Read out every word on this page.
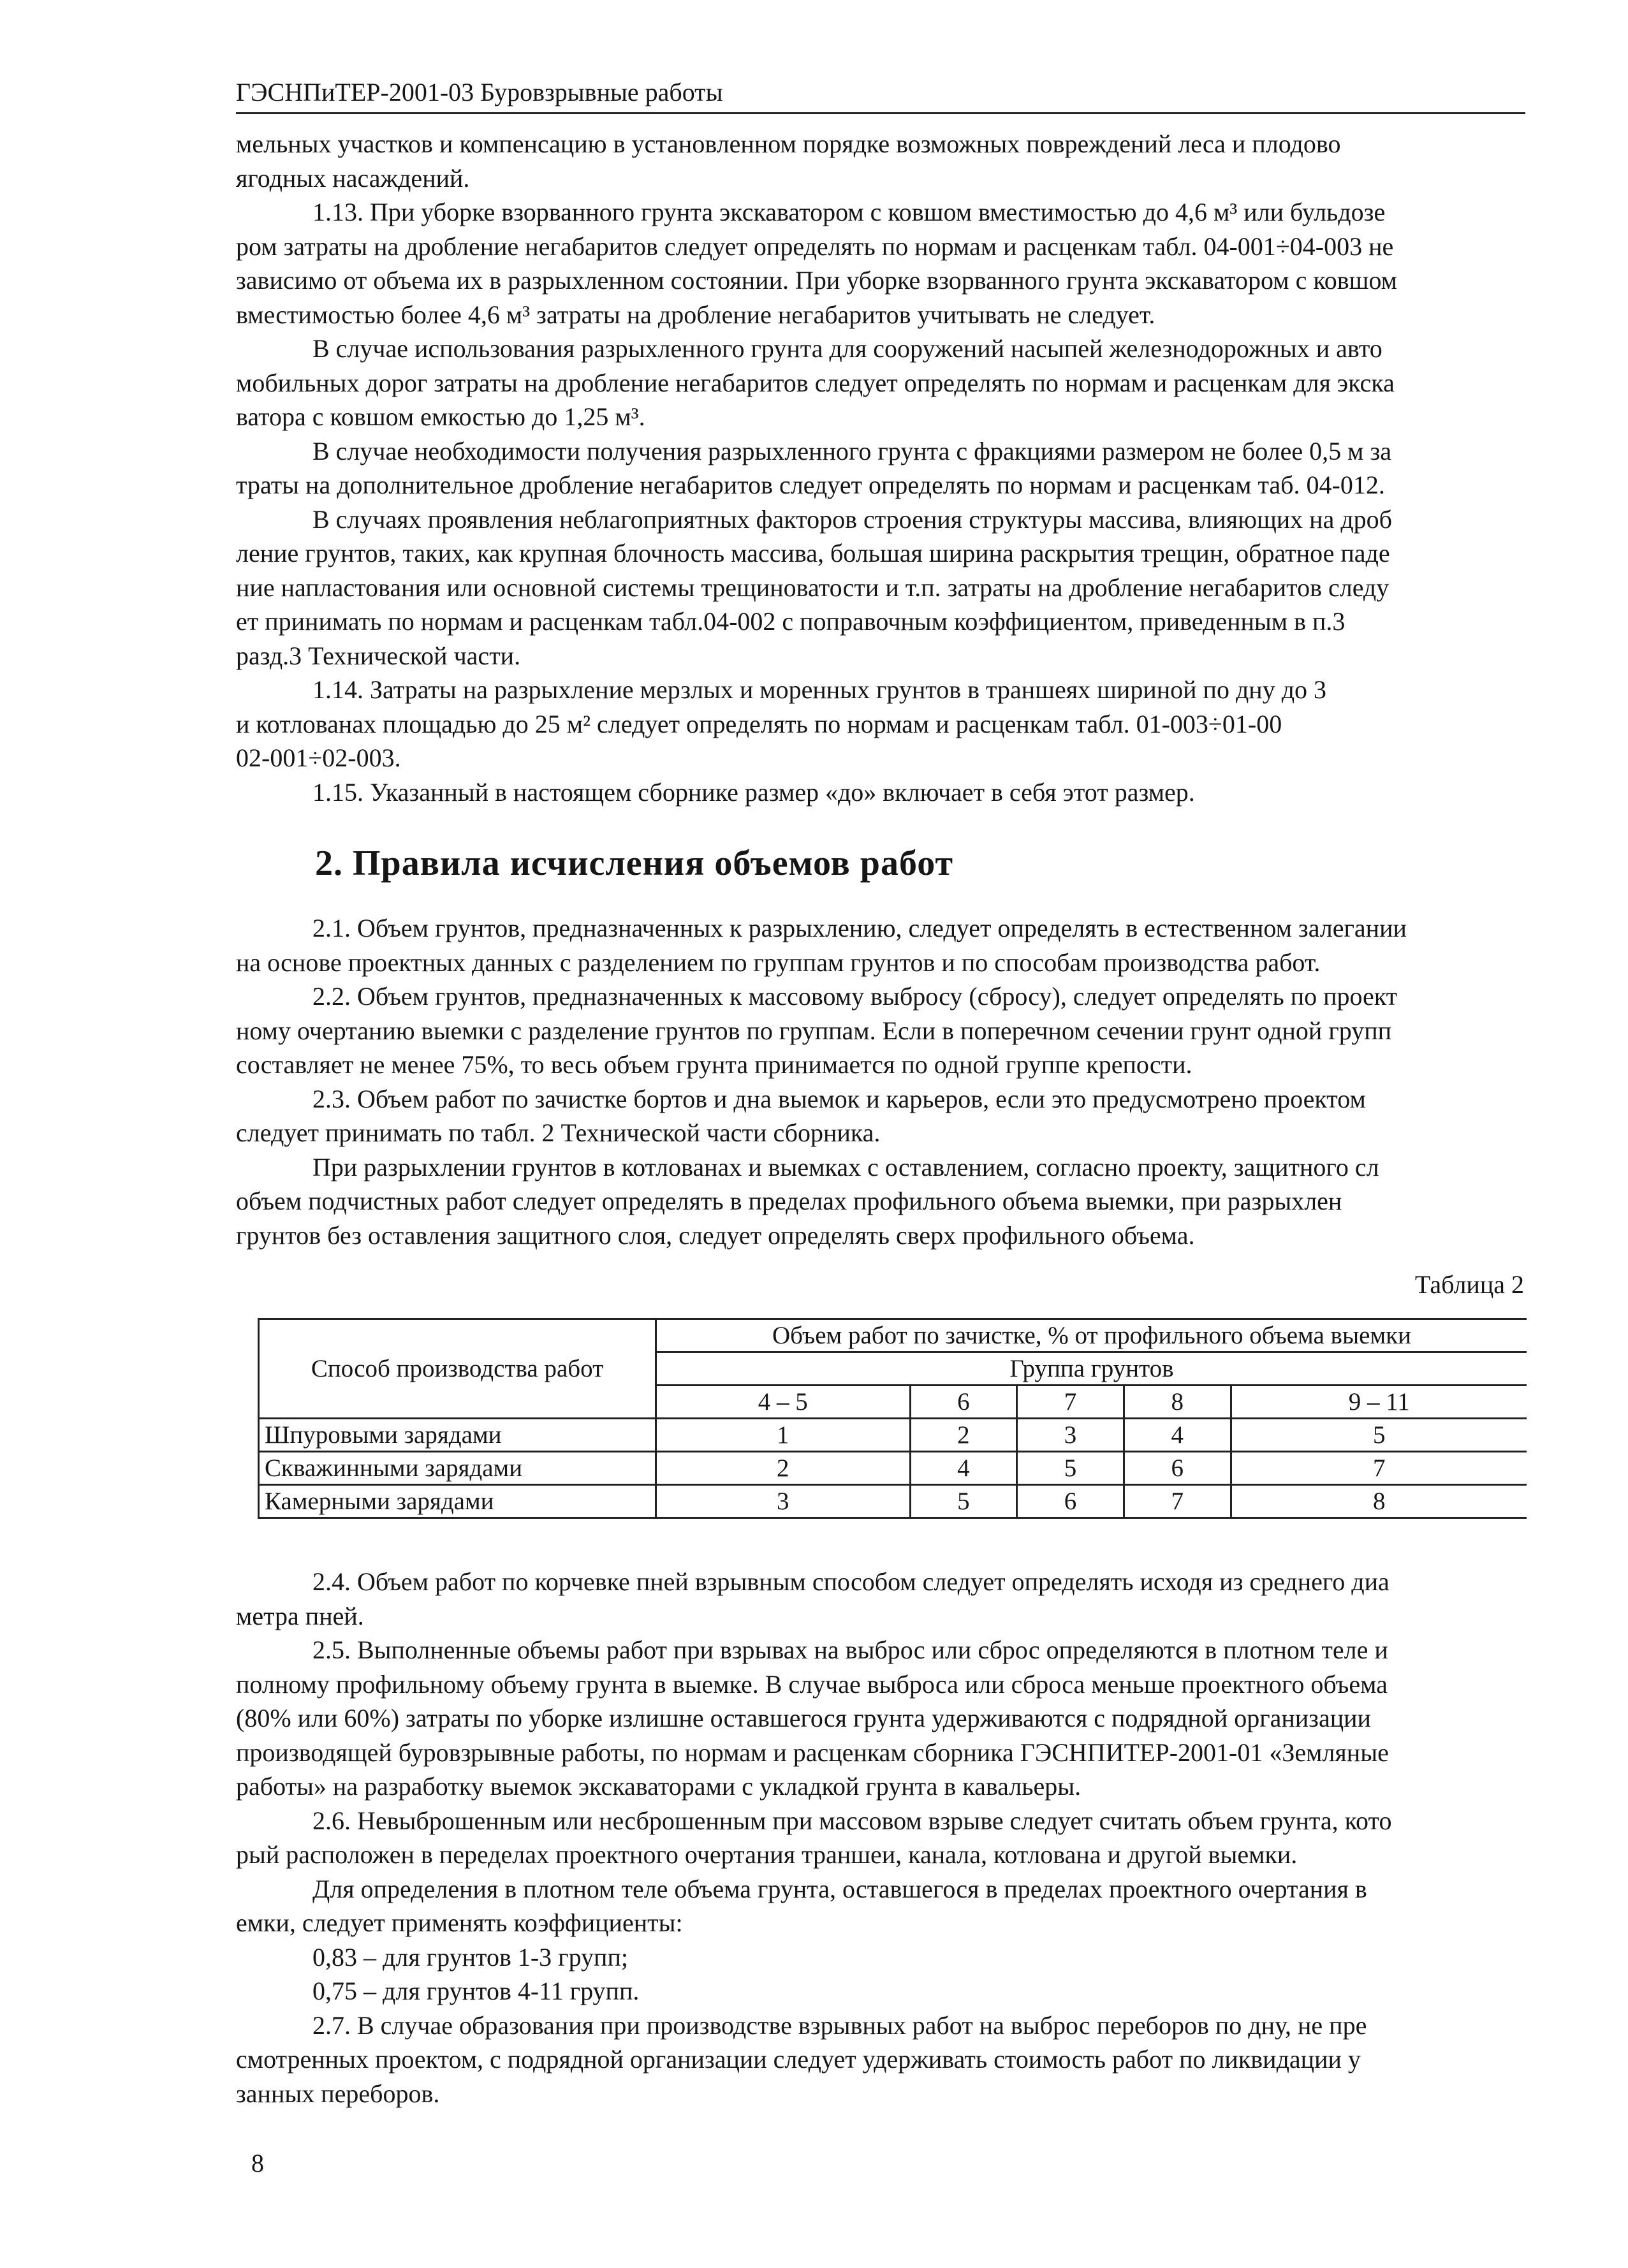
ГЭСНПиТЕР-2001-03 Буровзрывные работы

мельных участков и компенсацию в установленном порядке возможных повреждений леса и плодово

ягодных насаждений.

1.13. При уборке взорванного грунта экскаватором с ковшом вместимостью до 4,6 м³ или бульдозе

ром затраты на дробление негабаритов следует определять по нормам и расценкам табл. 04-001÷04-003 не

зависимо от объема их в разрыхленном состоянии. При уборке взорванного грунта экскаватором с ковшом

вместимостью более 4,6 м³ затраты на дробление негабаритов учитывать не следует.

В случае использования разрыхленного грунта для сооружений насыпей железнодорожных и авто

мобильных дорог затраты на дробление негабаритов следует определять по нормам и расценкам для экска

ватора с ковшом емкостью до 1,25 м³.

В случае необходимости получения разрыхленного грунта с фракциями размером не более 0,5 м за

траты на дополнительное дробление негабаритов следует определять по нормам и расценкам таб. 04-012.

В случаях проявления неблагоприятных факторов строения структуры массива, влияющих на дроб

ление грунтов, таких, как крупная блочность массива, большая ширина раскрытия трещин, обратное паде

ние напластования или основной системы трещиноватости и т.п. затраты на дробление негабаритов следу

ет принимать по нормам и расценкам табл.04-002 с поправочным коэффициентом, приведенным в п.3

разд.3 Технической части.

1.14. Затраты на разрыхление мерзлых и моренных грунтов в траншеях шириной по дну до 3

и котлованах площадью до 25 м² следует определять по нормам и расценкам табл. 01-003÷01-00

02-001÷02-003.

1.15. Указанный в настоящем сборнике размер «до» включает в себя этот размер.

2. Правила исчисления объемов работ

2.1. Объем грунтов, предназначенных к разрыхлению, следует определять в естественном залегании

на основе проектных данных с разделением по группам грунтов и по способам производства работ.

2.2. Объем грунтов, предназначенных к массовому выбросу (сбросу), следует определять по проект

ному очертанию выемки с разделение грунтов по группам. Если в поперечном сечении грунт одной групп

составляет не менее 75%, то весь объем грунта принимается по одной группе крепости.

2.3. Объем работ по зачистке бортов и дна выемок и карьеров, если это предусмотрено проектом

следует принимать по табл. 2 Технической части сборника.

При разрыхлении грунтов в котлованах и выемках с оставлением, согласно проекту, защитного сл

объем подчистных работ следует определять в пределах профильного объема выемки, при разрыхлен

грунтов без оставления защитного слоя, следует определять сверх профильного объема.

Таблица 2
Способ производства работ	Объем работ по зачистке, % от профильного объема выемки				
	Группа грунтов				
	4 – 5	6	7	8	9 – 11
Шпуровыми зарядами	1	2	3	4	5
Скважинными зарядами	2	4	5	6	7
Камерными зарядами	3	5	6	7	8

2.4. Объем работ по корчевке пней взрывным способом следует определять исходя из среднего диа

метра пней.

2.5. Выполненные объемы работ при взрывах на выброс или сброс определяются в плотном теле и

полному профильному объему грунта в выемке. В случае выброса или сброса меньше проектного объема

(80% или 60%) затраты по уборке излишне оставшегося грунта удерживаются с подрядной организации

производящей буровзрывные работы, по нормам и расценкам сборника ГЭСНПИТЕР-2001-01 «Земляные

работы» на разработку выемок экскаваторами с укладкой грунта в кавальеры.

2.6. Невыброшенным или несброшенным при массовом взрыве следует считать объем грунта, кото

рый расположен в переделах проектного очертания траншеи, канала, котлована и другой выемки.

Для определения в плотном теле объема грунта, оставшегося в пределах проектного очертания в

емки, следует применять коэффициенты:

0,83 – для грунтов 1-3 групп;

0,75 – для грунтов 4-11 групп.

2.7. В случае образования при производстве взрывных работ на выброс переборов по дну, не пре

смотренных проектом, с подрядной организации следует удерживать стоимость работ по ликвидации у

занных переборов.

8
